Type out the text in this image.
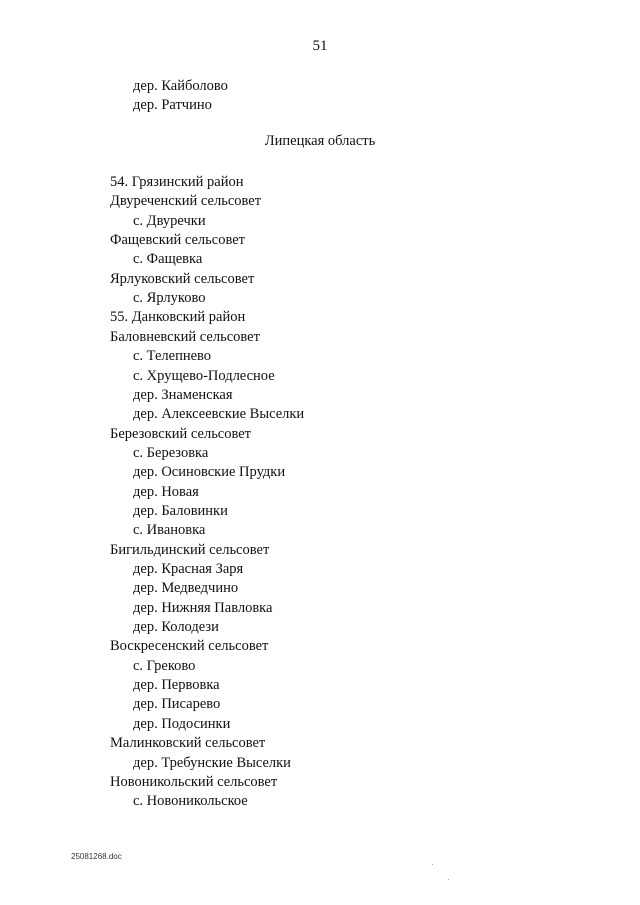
51
дер. Кайболово
дер. Ратчино
Липецкая область
54. Грязинский район
Двуреченский сельсовет
с. Двуречки
Фащевский сельсовет
с. Фащевка
Ярлуковский сельсовет
с. Ярлуково
55. Данковский район
Баловневский сельсовет
с. Телепнево
с. Хрущево-Подлесное
дер. Знаменская
дер. Алексеевские Выселки
Березовский сельсовет
с. Березовка
дер. Осиновские Прудки
дер. Новая
дер. Баловинки
с. Ивановка
Бигильдинский сельсовет
дер. Красная Заря
дер. Медведчино
дер. Нижняя Павловка
дер. Колодези
Воскресенский сельсовет
с. Греково
дер. Первовка
дер. Писарево
дер. Подосинки
Малинковский сельсовет
дер. Требунские Выселки
Новоникольский сельсовет
с. Новоникольское
25081268.doc
